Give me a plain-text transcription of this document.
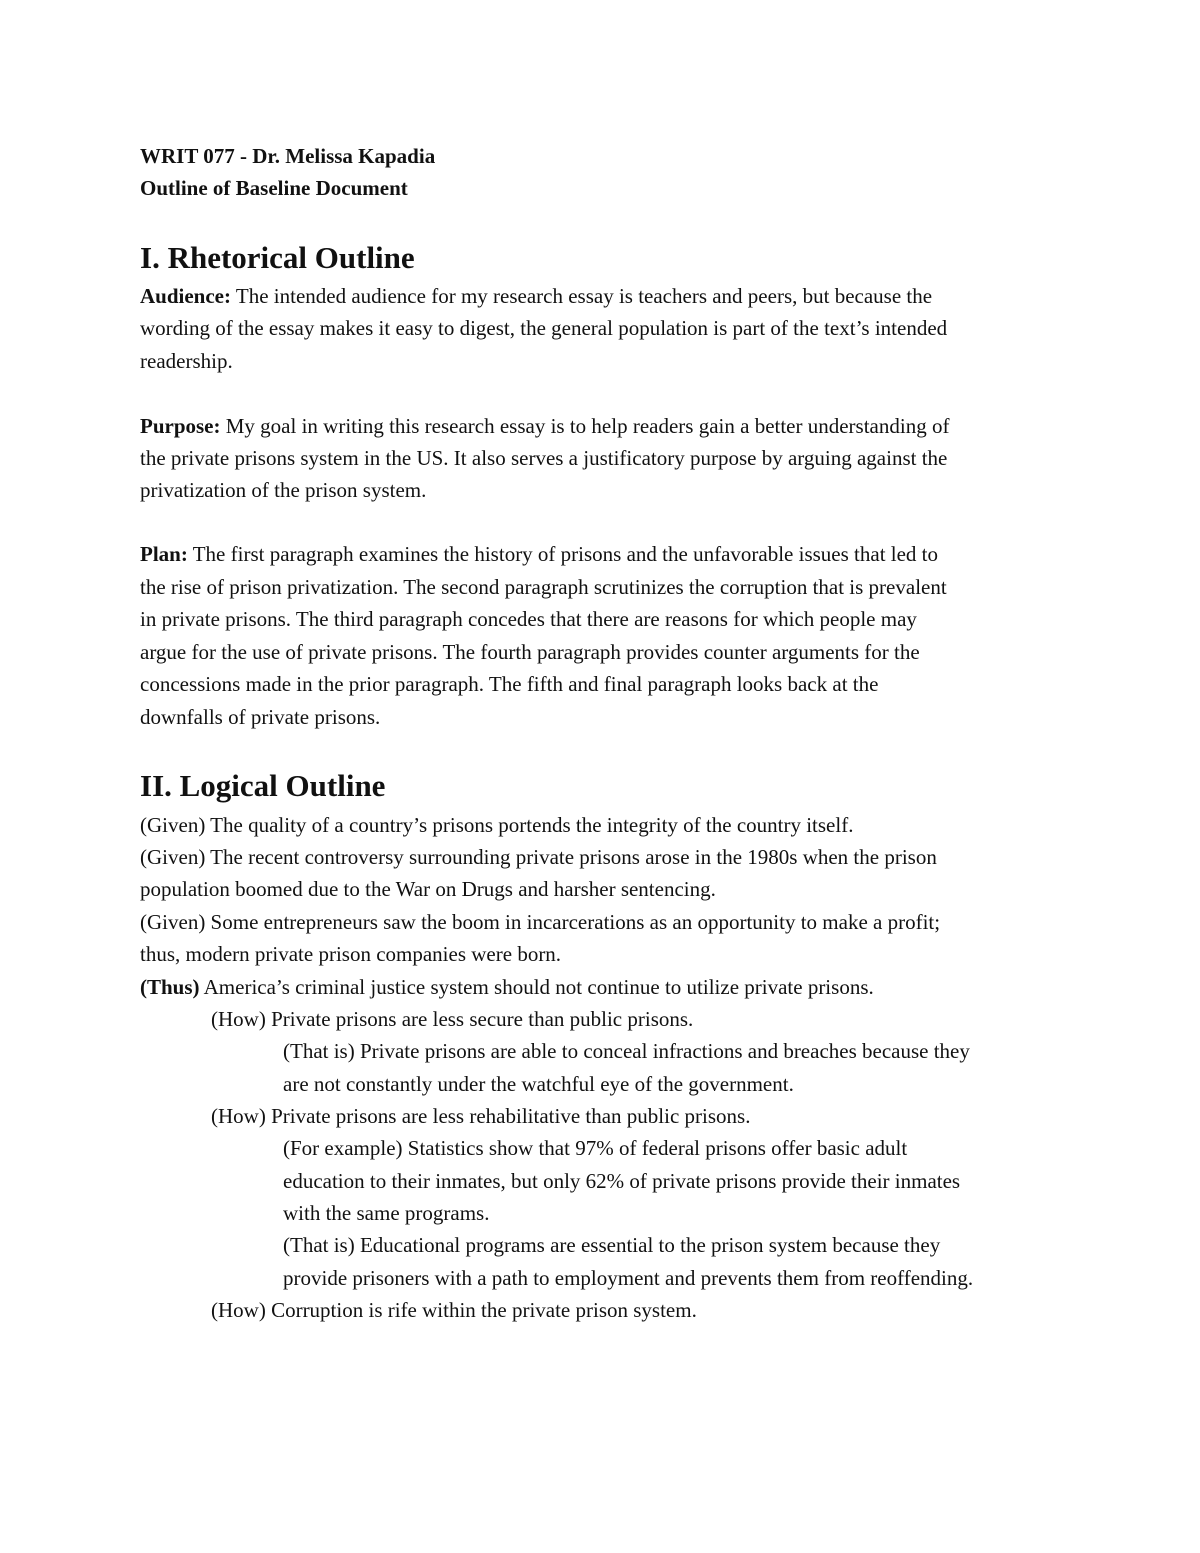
WRIT 077 - Dr. Melissa Kapadia
Outline of Baseline Document
I. Rhetorical Outline
Audience: The intended audience for my research essay is teachers and peers, but because the
wording of the essay makes it easy to digest, the general population is part of the text’s intended
readership.
Purpose: My goal in writing this research essay is to help readers gain a better understanding of
the private prisons system in the US. It also serves a justificatory purpose by arguing against the
privatization of the prison system.
Plan: The first paragraph examines the history of prisons and the unfavorable issues that led to
the rise of prison privatization. The second paragraph scrutinizes the corruption that is prevalent
in private prisons. The third paragraph concedes that there are reasons for which people may
argue for the use of private prisons. The fourth paragraph provides counter arguments for the
concessions made in the prior paragraph. The fifth and final paragraph looks back at the
downfalls of private prisons.
II. Logical Outline
(Given) The quality of a country’s prisons portends the integrity of the country itself.
(Given) The recent controversy surrounding private prisons arose in the 1980s when the prison
population boomed due to the War on Drugs and harsher sentencing.
(Given) Some entrepreneurs saw the boom in incarcerations as an opportunity to make a profit;
thus, modern private prison companies were born.
(Thus) America’s criminal justice system should not continue to utilize private prisons.
(How) Private prisons are less secure than public prisons.
(That is) Private prisons are able to conceal infractions and breaches because they
are not constantly under the watchful eye of the government.
(How) Private prisons are less rehabilitative than public prisons.
(For example) Statistics show that 97% of federal prisons offer basic adult
education to their inmates, but only 62% of private prisons provide their inmates
with the same programs.
(That is) Educational programs are essential to the prison system because they
provide prisoners with a path to employment and prevents them from reoffending.
(How) Corruption is rife within the private prison system.
